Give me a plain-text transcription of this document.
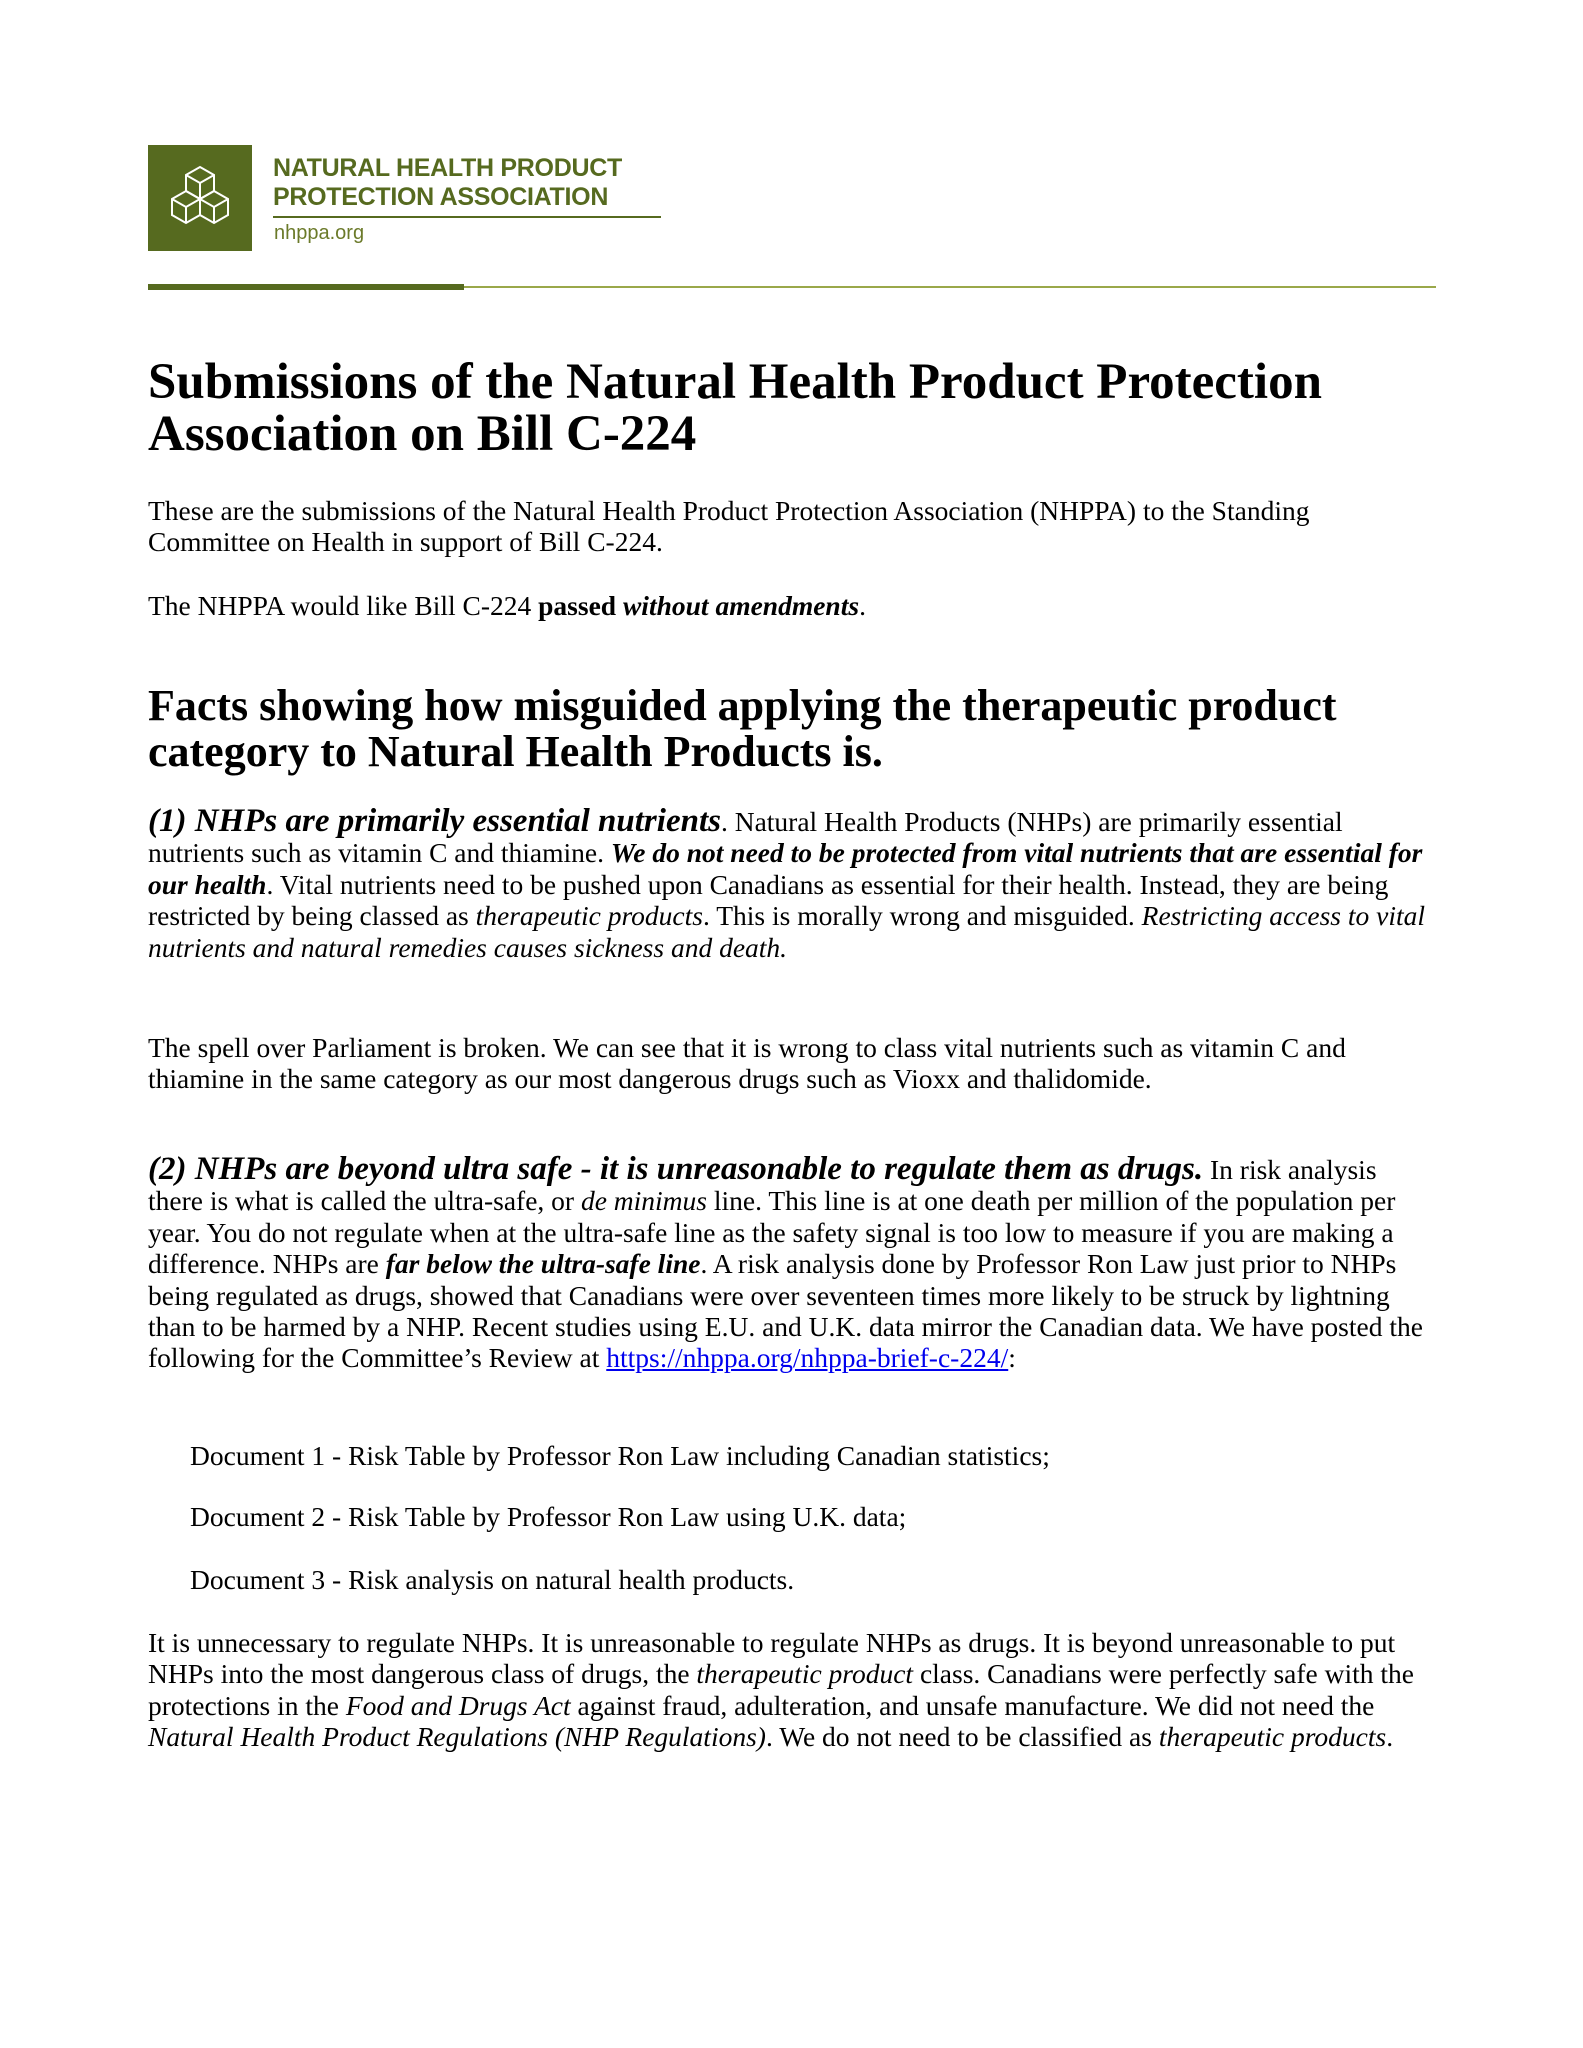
NATURAL HEALTH PRODUCT
PROTECTION ASSOCIATION
nhppa.org
Submissions of the Natural Health Product Protection Association on Bill C-224
These are the submissions of the Natural Health Product Protection Association (NHPPA) to the Standing Committee on Health in support of Bill C-224.
The NHPPA would like Bill C-224 passed without amendments.
Facts showing how misguided applying the therapeutic product category to Natural Health Products is.
(1) NHPs are primarily essential nutrients. Natural Health Products (NHPs) are primarily essential nutrients such as vitamin C and thiamine. We do not need to be protected from vital nutrients that are essential for our health. Vital nutrients need to be pushed upon Canadians as essential for their health. Instead, they are being restricted by being classed as therapeutic products. This is morally wrong and misguided. Restricting access to vital nutrients and natural remedies causes sickness and death.
The spell over Parliament is broken. We can see that it is wrong to class vital nutrients such as vitamin C and thiamine in the same category as our most dangerous drugs such as Vioxx and thalidomide.
(2) NHPs are beyond ultra safe - it is unreasonable to regulate them as drugs. In risk analysis there is what is called the ultra-safe, or de minimus line. This line is at one death per million of the population per year. You do not regulate when at the ultra-safe line as the safety signal is too low to measure if you are making a difference. NHPs are far below the ultra-safe line. A risk analysis done by Professor Ron Law just prior to NHPs being regulated as drugs, showed that Canadians were over seventeen times more likely to be struck by lightning than to be harmed by a NHP. Recent studies using E.U. and U.K. data mirror the Canadian data. We have posted the following for the Committee’s Review at https://nhppa.org/nhppa-brief-c-224/:
Document 1 - Risk Table by Professor Ron Law including Canadian statistics;
Document 2 - Risk Table by Professor Ron Law using U.K. data;
Document 3 - Risk analysis on natural health products.
It is unnecessary to regulate NHPs. It is unreasonable to regulate NHPs as drugs. It is beyond unreasonable to put NHPs into the most dangerous class of drugs, the therapeutic product class. Canadians were perfectly safe with the protections in the Food and Drugs Act against fraud, adulteration, and unsafe manufacture. We did not need the Natural Health Product Regulations (NHP Regulations). We do not need to be classified as therapeutic products.
